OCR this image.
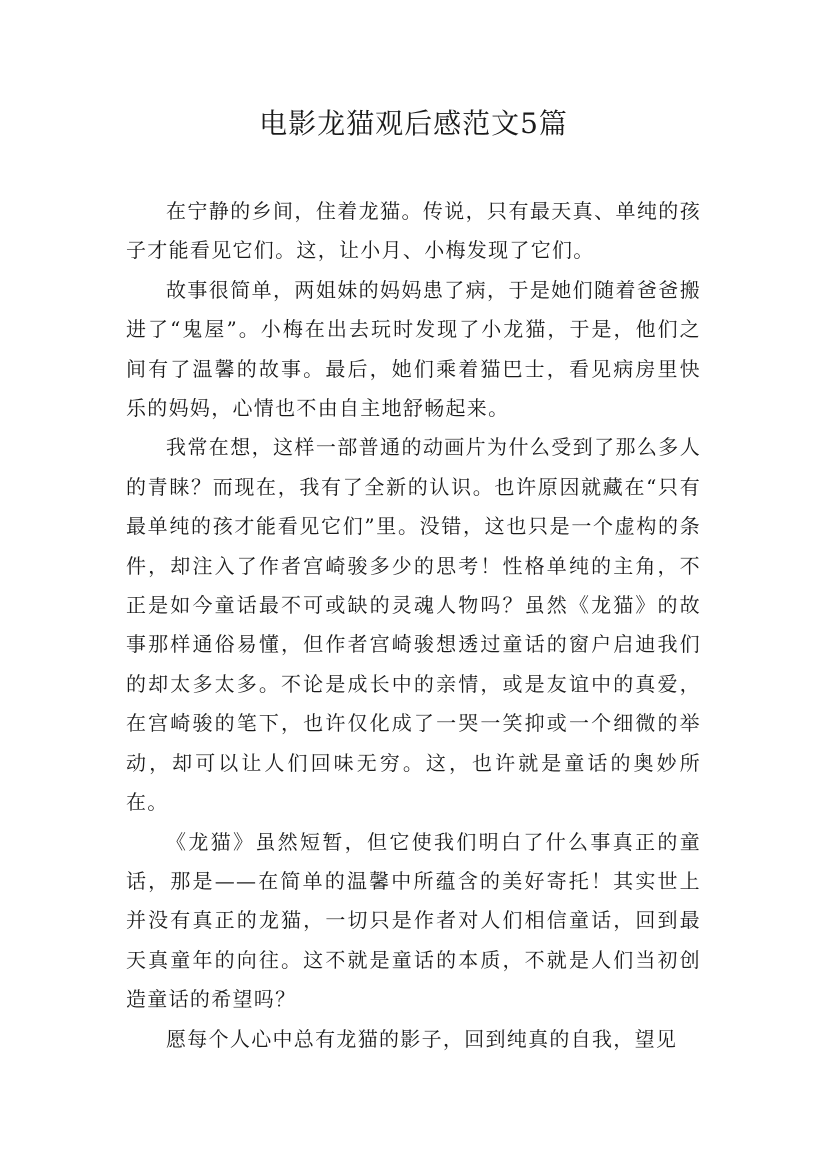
电影龙猫观后感范文5篇

在宁静的乡间，住着龙猫。传说，只有最天真、单纯的孩子才能看见它们。这，让小月、小梅发现了它们。

故事很简单，两姐妹的妈妈患了病，于是她们随着爸爸搬进了“鬼屋”。小梅在出去玩时发现了小龙猫，于是，他们之间有了温馨的故事。最后，她们乘着猫巴士，看见病房里快乐的妈妈，心情也不由自主地舒畅起来。

我常在想，这样一部普通的动画片为什么受到了那么多人的青睐？而现在，我有了全新的认识。也许原因就藏在“只有最单纯的孩才能看见它们”里。没错，这也只是一个虚构的条件，却注入了作者宫崎骏多少的思考！性格单纯的主角，不正是如今童话最不可或缺的灵魂人物吗？虽然《龙猫》的故事那样通俗易懂，但作者宫崎骏想透过童话的窗户启迪我们的却太多太多。不论是成长中的亲情，或是友谊中的真爱，在宫崎骏的笔下，也许仅化成了一哭一笑抑或一个细微的举动，却可以让人们回味无穷。这，也许就是童话的奥妙所在。

《龙猫》虽然短暂，但它使我们明白了什么事真正的童话，那是——在简单的温馨中所蕴含的美好寄托！其实世上并没有真正的龙猫，一切只是作者对人们相信童话，回到最天真童年的向往。这不就是童话的本质，不就是人们当初创造童话的希望吗？

愿每个人心中总有龙猫的影子，回到纯真的自我，望见
